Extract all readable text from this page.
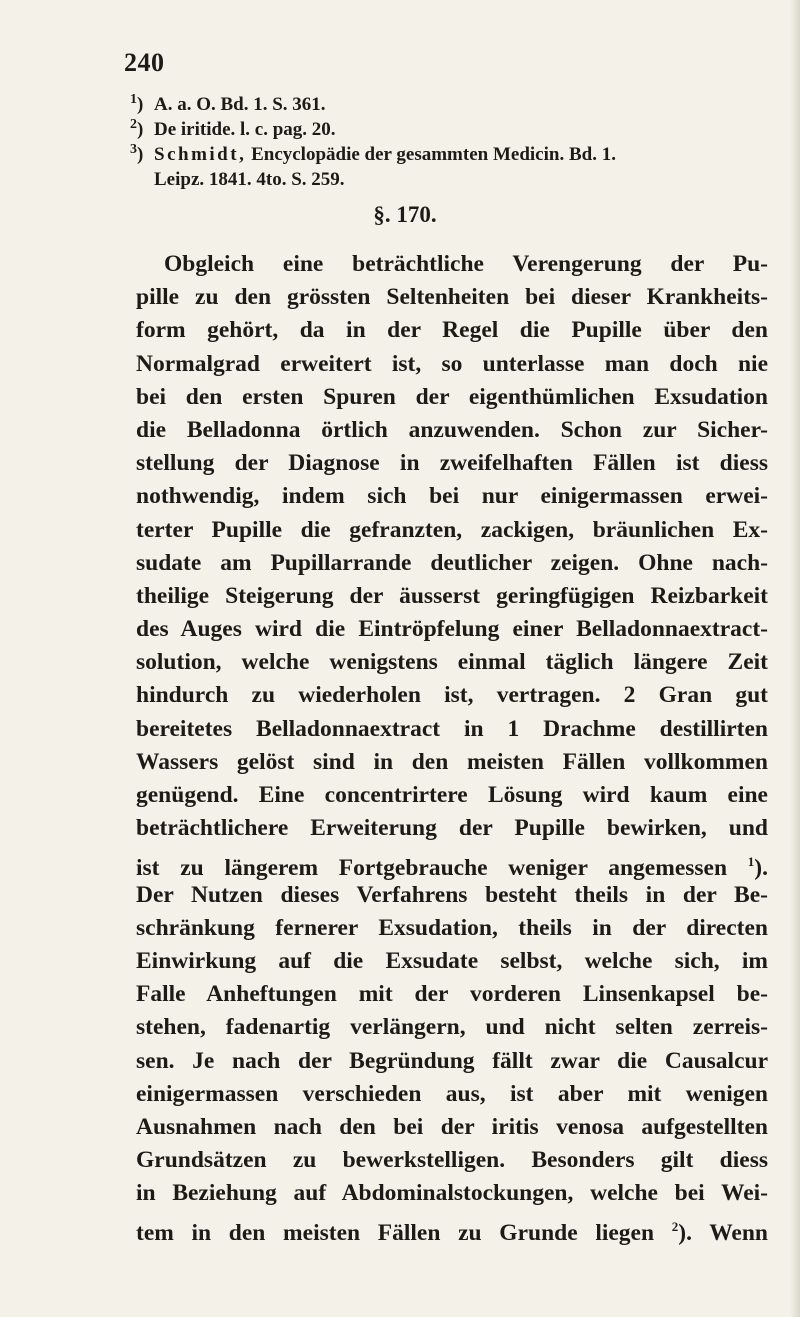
240
1) A. a. O. Bd. 1. S. 361.
2) De iritide. l. c. pag. 20.
3) Schmidt, Encyclopädie der gesammten Medicin. Bd. 1.
Leipz. 1841. 4to. S. 259.
§. 170.
Obgleich eine beträchtliche Verengerung der Pu-
pille zu den grössten Seltenheiten bei dieser Krankheits-
form gehört, da in der Regel die Pupille über den
Normalgrad erweitert ist, so unterlasse man doch nie
bei den ersten Spuren der eigenthümlichen Exsudation
die Belladonna örtlich anzuwenden. Schon zur Sicher-
stellung der Diagnose in zweifelhaften Fällen ist diess
nothwendig, indem sich bei nur einigermassen erwei-
terter Pupille die gefranzten, zackigen, bräunlichen Ex-
sudate am Pupillarrande deutlicher zeigen. Ohne nach-
theilige Steigerung der äusserst geringfügigen Reizbarkeit
des Auges wird die Eintröpfelung einer Belladonnaextract-
solution, welche wenigstens einmal täglich längere Zeit
hindurch zu wiederholen ist, vertragen. 2 Gran gut
bereitetes Belladonnaextract in 1 Drachme destillirten
Wassers gelöst sind in den meisten Fällen vollkommen
genügend. Eine concentrirtere Lösung wird kaum eine
beträchtlichere Erweiterung der Pupille bewirken, und
ist zu längerem Fortgebrauche weniger angemessen $^1$).
Der Nutzen dieses Verfahrens besteht theils in der Be-
schränkung fernerer Exsudation, theils in der directen
Einwirkung auf die Exsudate selbst, welche sich, im
Falle Anheftungen mit der vorderen Linsenkapsel be-
stehen, fadenartig verlängern, und nicht selten zerreis-
sen. Je nach der Begründung fällt zwar die Causalcur
einigermassen verschieden aus, ist aber mit wenigen
Ausnahmen nach den bei der iritis venosa aufgestellten
Grundsätzen zu bewerkstelligen. Besonders gilt diess
in Beziehung auf Abdominalstockungen, welche bei Wei-
tem in den meisten Fällen zu Grunde liegen $^2$). Wenn
